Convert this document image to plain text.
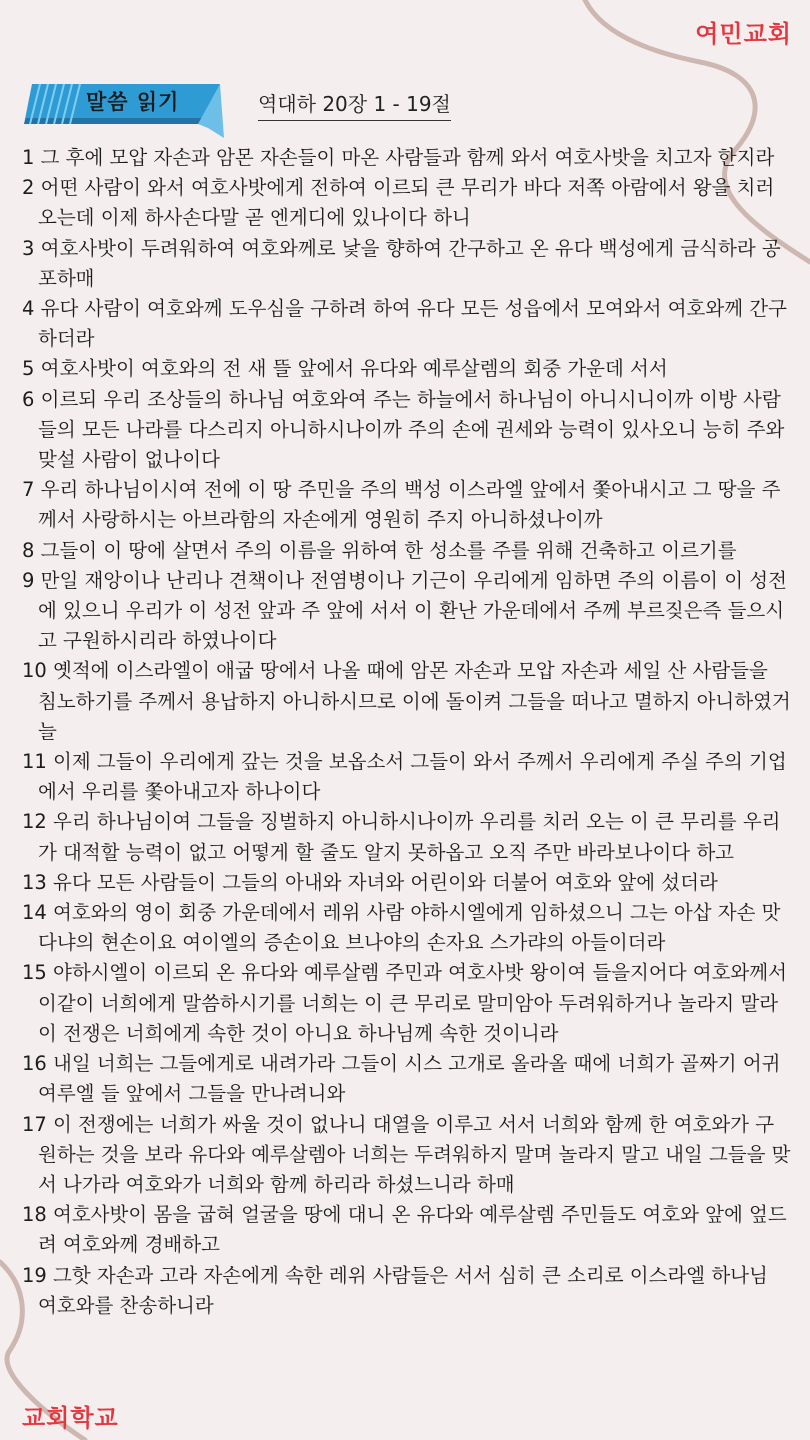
여민교회
말씀 읽기	역대하 20장 1 - 19절
1 그 후에 모압 자손과 암몬 자손들이 마온 사람들과 함께 와서 여호사밧을 치고자 한지라
2 어떤 사람이 와서 여호사밧에게 전하여 이르되 큰 무리가 바다 저쪽 아람에서 왕을 치러 오는데 이제 하사손다말 곧 엔게디에 있나이다 하니
3 여호사밧이 두려워하여 여호와께로 낯을 향하여 간구하고 온 유다 백성에게 금식하라 공포하매
4 유다 사람이 여호와께 도우심을 구하려 하여 유다 모든 성읍에서 모여와서 여호와께 간구하더라
5 여호사밧이 여호와의 전 새 뜰 앞에서 유다와 예루살렘의 회중 가운데 서서
6 이르되 우리 조상들의 하나님 여호와여 주는 하늘에서 하나님이 아니시니이까 이방 사람들의 모든 나라를 다스리지 아니하시나이까 주의 손에 권세와 능력이 있사오니 능히 주와 맞설 사람이 없나이다
7 우리 하나님이시여 전에 이 땅 주민을 주의 백성 이스라엘 앞에서 쫓아내시고 그 땅을 주께서 사랑하시는 아브라함의 자손에게 영원히 주지 아니하셨나이까
8 그들이 이 땅에 살면서 주의 이름을 위하여 한 성소를 주를 위해 건축하고 이르기를
9 만일 재앙이나 난리나 견책이나 전염병이나 기근이 우리에게 임하면 주의 이름이 이 성전에 있으니 우리가 이 성전 앞과 주 앞에 서서 이 환난 가운데에서 주께 부르짖은즉 들으시고 구원하시리라 하였나이다
10 옛적에 이스라엘이 애굽 땅에서 나올 때에 암몬 자손과 모압 자손과 세일 산 사람들을 침노하기를 주께서 용납하지 아니하시므로 이에 돌이켜 그들을 떠나고 멸하지 아니하였거늘
11 이제 그들이 우리에게 갚는 것을 보옵소서 그들이 와서 주께서 우리에게 주실 주의 기업에서 우리를 쫓아내고자 하나이다
12 우리 하나님이여 그들을 징벌하지 아니하시나이까 우리를 치러 오는 이 큰 무리를 우리가 대적할 능력이 없고 어떻게 할 줄도 알지 못하옵고 오직 주만 바라보나이다 하고
13 유다 모든 사람들이 그들의 아내와 자녀와 어린이와 더불어 여호와 앞에 섰더라
14 여호와의 영이 회중 가운데에서 레위 사람 야하시엘에게 임하셨으니 그는 아삽 자손 맛다냐의 현손이요 여이엘의 증손이요 브나야의 손자요 스가랴의 아들이더라
15 야하시엘이 이르되 온 유다와 예루살렘 주민과 여호사밧 왕이여 들을지어다 여호와께서 이같이 너희에게 말씀하시기를 너희는 이 큰 무리로 말미암아 두려워하거나 놀라지 말라 이 전쟁은 너희에게 속한 것이 아니요 하나님께 속한 것이니라
16 내일 너희는 그들에게로 내려가라 그들이 시스 고개로 올라올 때에 너희가 골짜기 어귀 여루엘 들 앞에서 그들을 만나려니와
17 이 전쟁에는 너희가 싸울 것이 없나니 대열을 이루고 서서 너희와 함께 한 여호와가 구원하는 것을 보라 유다와 예루살렘아 너희는 두려워하지 말며 놀라지 말고 내일 그들을 맞서 나가라 여호와가 너희와 함께 하리라 하셨느니라 하매
18 여호사밧이 몸을 굽혀 얼굴을 땅에 대니 온 유다와 예루살렘 주민들도 여호와 앞에 엎드려 여호와께 경배하고
19 그핫 자손과 고라 자손에게 속한 레위 사람들은 서서 심히 큰 소리로 이스라엘 하나님 여호와를 찬송하니라
교회학교
